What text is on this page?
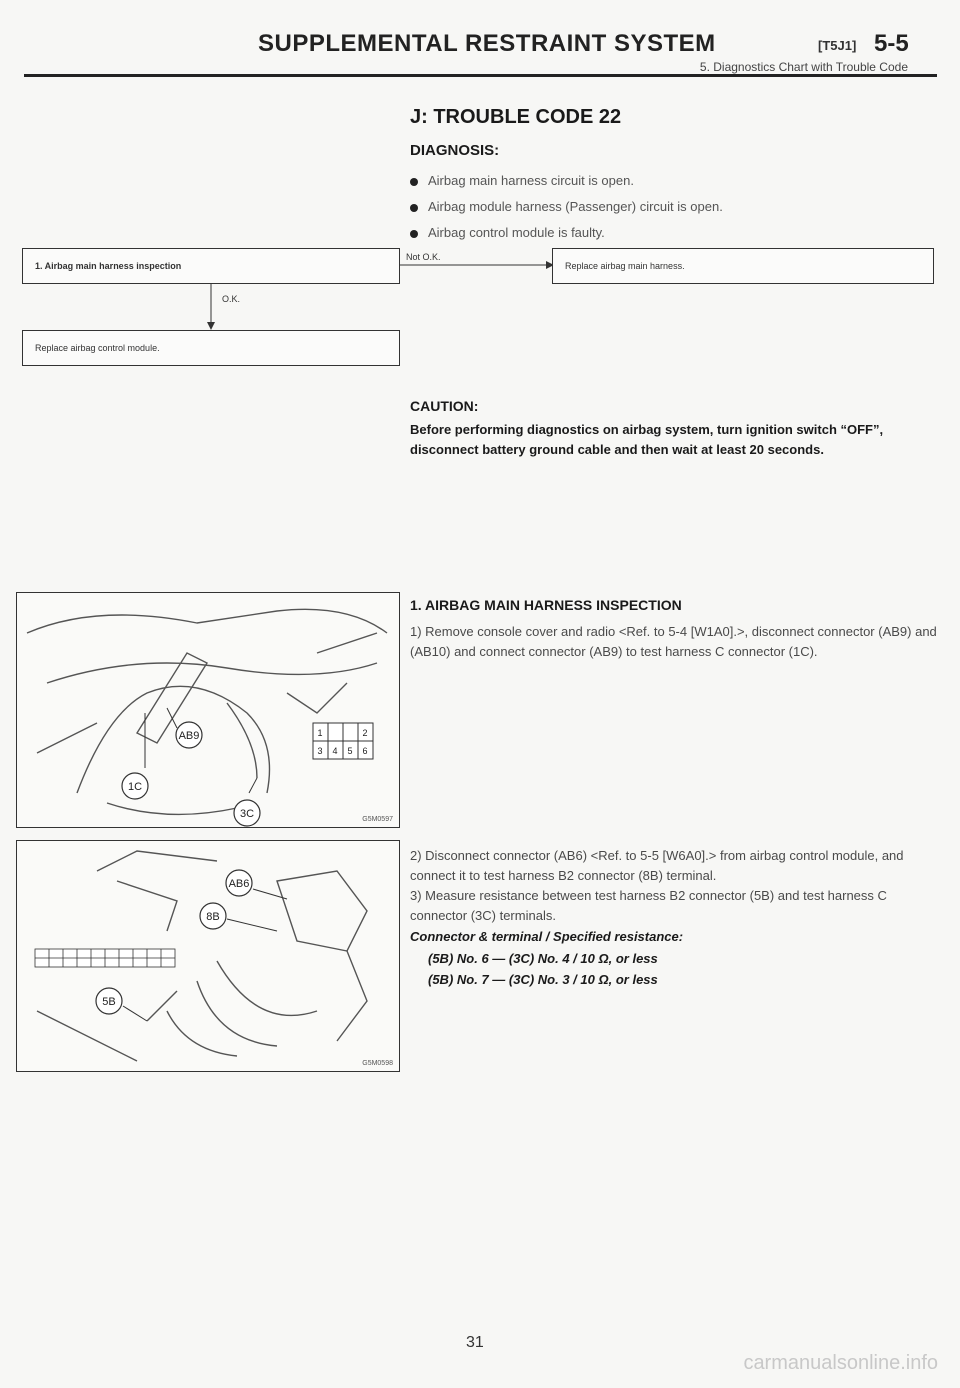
SUPPLEMENTAL RESTRAINT SYSTEM	[T5J1] 5-5
5. Diagnostics Chart with Trouble Code
J: TROUBLE CODE 22
DIAGNOSIS:
Airbag main harness circuit is open.
Airbag module harness (Passenger) circuit is open.
Airbag control module is faulty.
1. Airbag main harness inspection
Not O.K.
Replace airbag main harness.
O.K.
Replace airbag control module.
CAUTION:
Before performing diagnostics on airbag system, turn ignition switch “OFF”, disconnect battery ground cable and then wait at least 20 seconds.
1. AIRBAG MAIN HARNESS INSPECTION
1) Remove console cover and radio <Ref. to 5-4 [W1A0].>, disconnect connector (AB9) and (AB10) and connect connector (AB9) to test harness C connector (1C).
2) Disconnect connector (AB6) <Ref. to 5-5 [W6A0].> from airbag control module, and connect it to test harness B2 connector (8B) terminal.
3) Measure resistance between test harness B2 connector (5B) and test harness C connector (3C) terminals.
Connector & terminal / Specified resistance:
(5B) No. 6 — (3C) No. 4 / 10 Ω, or less
(5B) No. 7 — (3C) No. 3 / 10 Ω, or less
AB9
1C
3C
1	2
3 4 5 6
G5M0597
AB6
8B
5B
G5M0598
31
carmanualsonline.info
